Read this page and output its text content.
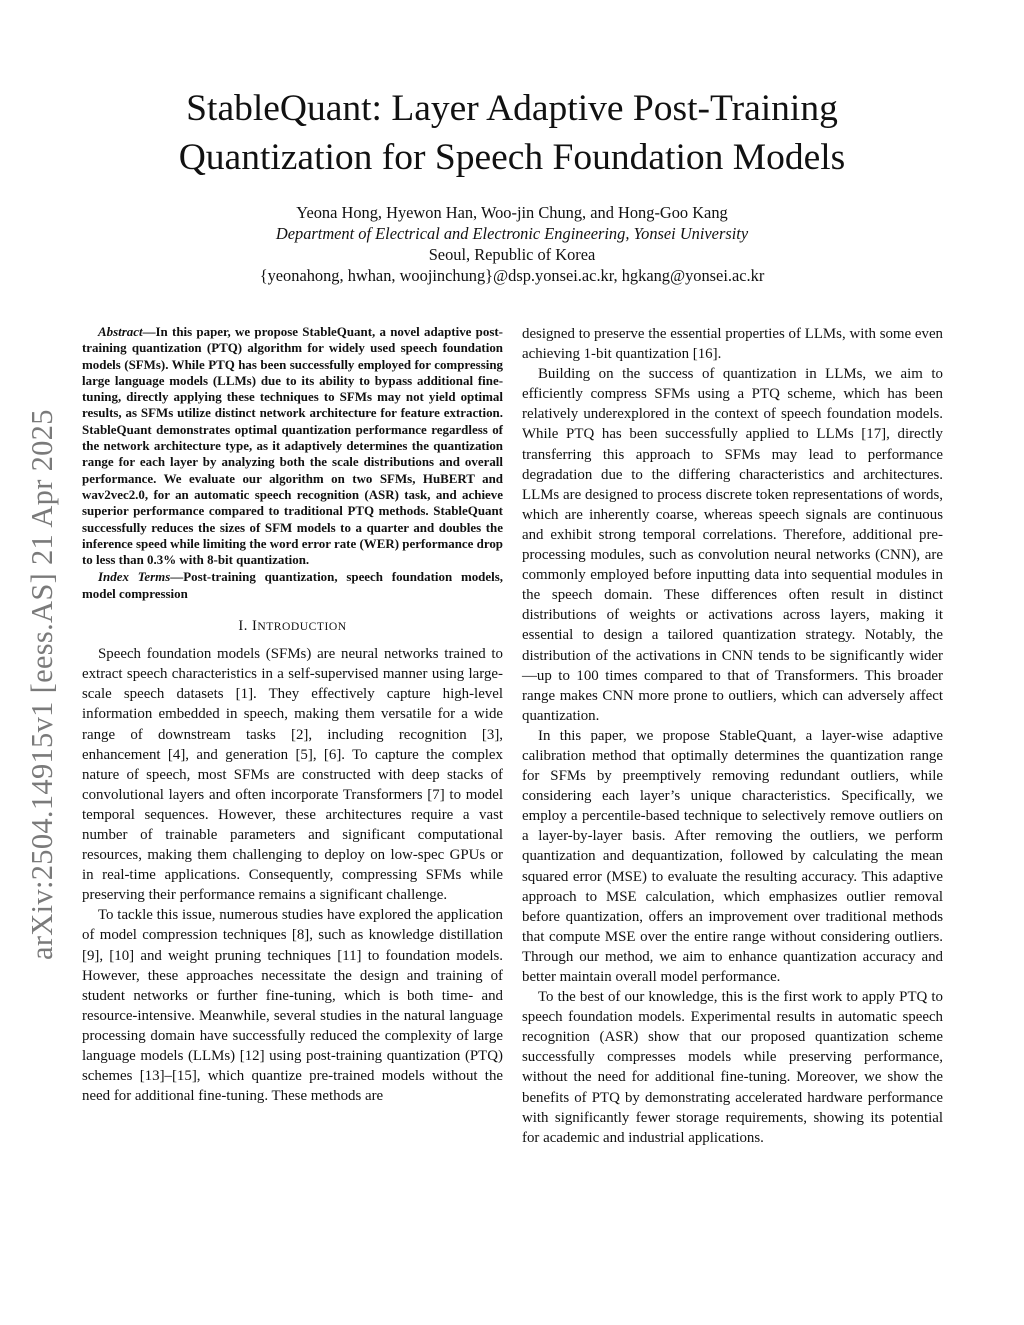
arXiv:2504.14915v1 [eess.AS] 21 Apr 2025
StableQuant: Layer Adaptive Post-Training Quantization for Speech Foundation Models
Yeona Hong, Hyewon Han, Woo-jin Chung, and Hong-Goo Kang
Department of Electrical and Electronic Engineering, Yonsei University
Seoul, Republic of Korea
{yeonahong, hwhan, woojinchung}@dsp.yonsei.ac.kr, hgkang@yonsei.ac.kr

Abstract—In this paper, we propose StableQuant, a novel adaptive post-training quantization (PTQ) algorithm for widely used speech foundation models (SFMs). While PTQ has been successfully employed for compressing large language models (LLMs) due to its ability to bypass additional fine-tuning, directly applying these techniques to SFMs may not yield optimal results, as SFMs utilize distinct network architecture for feature extraction. StableQuant demonstrates optimal quantization performance regardless of the network architecture type, as it adaptively determines the quantization range for each layer by analyzing both the scale distributions and overall performance. We evaluate our algorithm on two SFMs, HuBERT and wav2vec2.0, for an automatic speech recognition (ASR) task, and achieve superior performance compared to traditional PTQ methods. StableQuant successfully reduces the sizes of SFM models to a quarter and doubles the inference speed while limiting the word error rate (WER) performance drop to less than 0.3% with 8-bit quantization.

Index Terms—Post-training quantization, speech foundation models, model compression

I. INTRODUCTION

Speech foundation models (SFMs) are neural networks trained to extract speech characteristics in a self-supervised manner using large-scale speech datasets [1]. They effectively capture high-level information embedded in speech, making them versatile for a wide range of downstream tasks [2], including recognition [3], enhancement [4], and generation [5], [6]. To capture the complex nature of speech, most SFMs are constructed with deep stacks of convolutional layers and often incorporate Transformers [7] to model temporal sequences. However, these architectures require a vast number of trainable parameters and significant computational resources, making them challenging to deploy on low-spec GPUs or in real-time applications. Consequently, compressing SFMs while preserving their performance remains a significant challenge.

To tackle this issue, numerous studies have explored the application of model compression techniques [8], such as knowledge distillation [9], [10] and weight pruning techniques [11] to foundation models. However, these approaches necessitate the design and training of student networks or further fine-tuning, which is both time- and resource-intensive. Meanwhile, several studies in the natural language processing domain have successfully reduced the complexity of large language models (LLMs) [12] using post-training quantization (PTQ) schemes [13]–[15], which quantize pre-trained models without the need for additional fine-tuning. These methods are

designed to preserve the essential properties of LLMs, with some even achieving 1-bit quantization [16].

Building on the success of quantization in LLMs, we aim to efficiently compress SFMs using a PTQ scheme, which has been relatively underexplored in the context of speech foundation models. While PTQ has been successfully applied to LLMs [17], directly transferring this approach to SFMs may lead to performance degradation due to the differing characteristics and architectures. LLMs are designed to process discrete token representations of words, which are inherently coarse, whereas speech signals are continuous and exhibit strong temporal correlations. Therefore, additional pre-processing modules, such as convolution neural networks (CNN), are commonly employed before inputting data into sequential modules in the speech domain. These differences often result in distinct distributions of weights or activations across layers, making it essential to design a tailored quantization strategy. Notably, the distribution of the activations in CNN tends to be significantly wider—up to 100 times compared to that of Transformers. This broader range makes CNN more prone to outliers, which can adversely affect quantization.

In this paper, we propose StableQuant, a layer-wise adaptive calibration method that optimally determines the quantization range for SFMs by preemptively removing redundant outliers, while considering each layer’s unique characteristics. Specifically, we employ a percentile-based technique to selectively remove outliers on a layer-by-layer basis. After removing the outliers, we perform quantization and dequantization, followed by calculating the mean squared error (MSE) to evaluate the resulting accuracy. This adaptive approach to MSE calculation, which emphasizes outlier removal before quantization, offers an improvement over traditional methods that compute MSE over the entire range without considering outliers. Through our method, we aim to enhance quantization accuracy and better maintain overall model performance.

To the best of our knowledge, this is the first work to apply PTQ to speech foundation models. Experimental results in automatic speech recognition (ASR) show that our proposed quantization scheme successfully compresses models while preserving performance, without the need for additional fine-tuning. Moreover, we show the benefits of PTQ by demonstrating accelerated hardware performance with significantly fewer storage requirements, showing its potential for academic and industrial applications.
